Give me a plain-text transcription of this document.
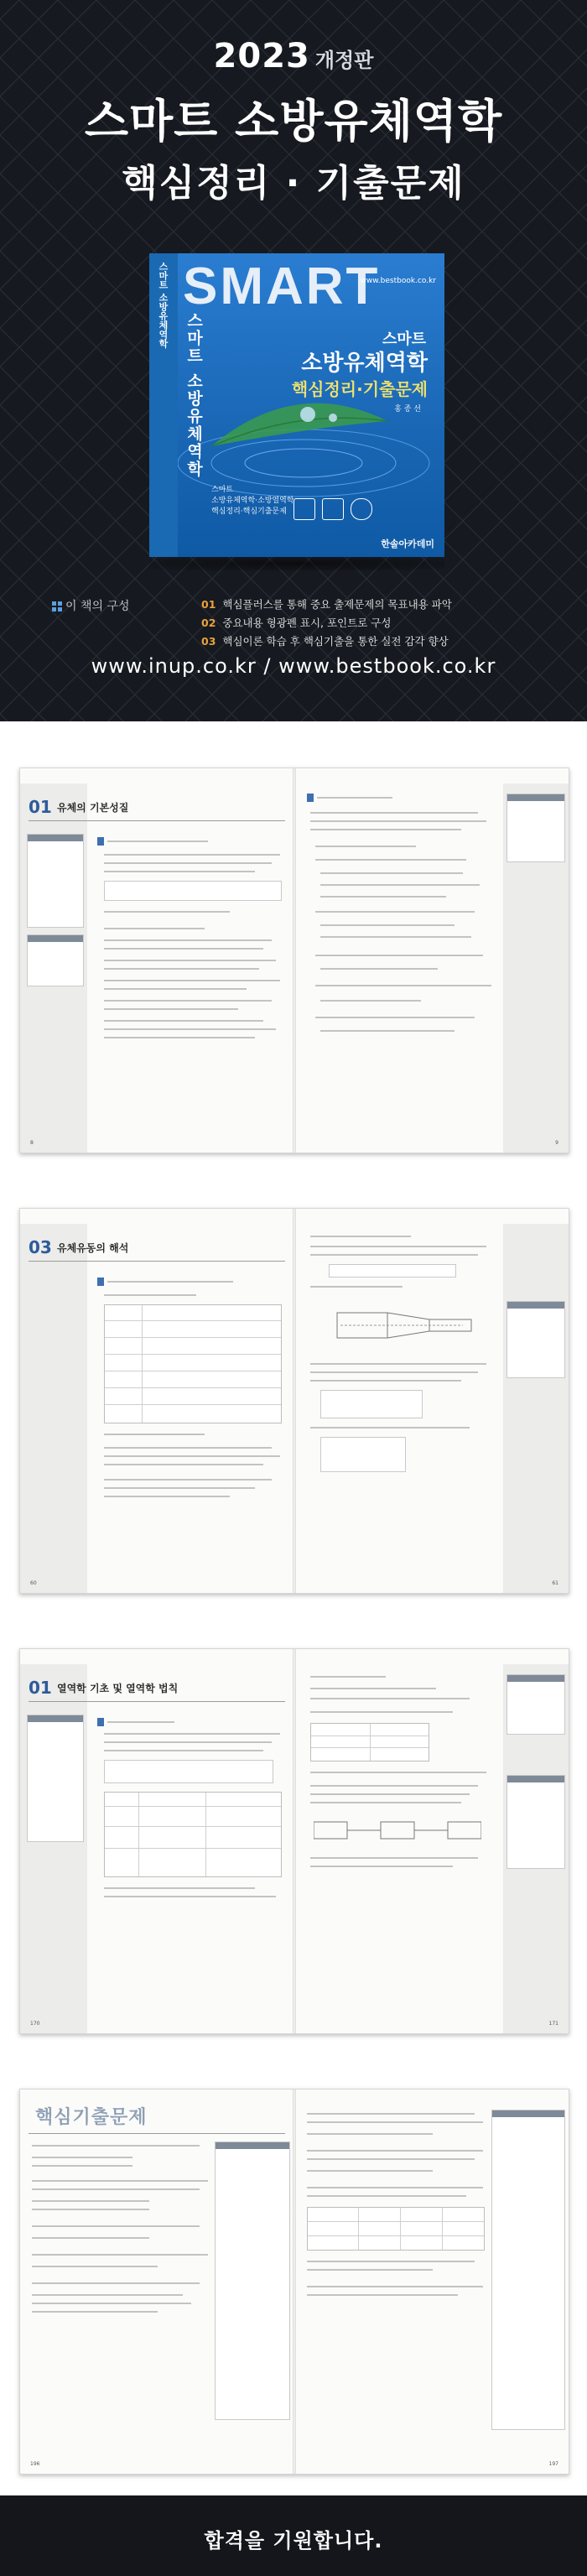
2023 개정판
스마트 소방유체역학
핵심정리 · 기출문제
스마트 소방유체역학 SMART
www.bestbook.co.kr
스마트 소방유체역학	스마트
소방유체역학
핵심정리·기출문제
홍 종 선
스마트
소방유체역학·소방열역학
핵심정리·핵심기출문제
한솔아카데미
이 책의 구성	01 핵심플러스를 통해 중요 출제문제의 목표내용 파악
02 중요내용 형광펜 표시, 포인트로 구성
03 핵심이론 학습 후 핵심기출을 통한 실전 감각 향상
www.inup.co.kr / www.bestbook.co.kr
01 유체의 기본성질
8	9
03 유체유동의 해석
60	61
01 열역학 기초 및 열역학 법칙
170	171
핵심기출문제
196	197
합격을 기원합니다.
